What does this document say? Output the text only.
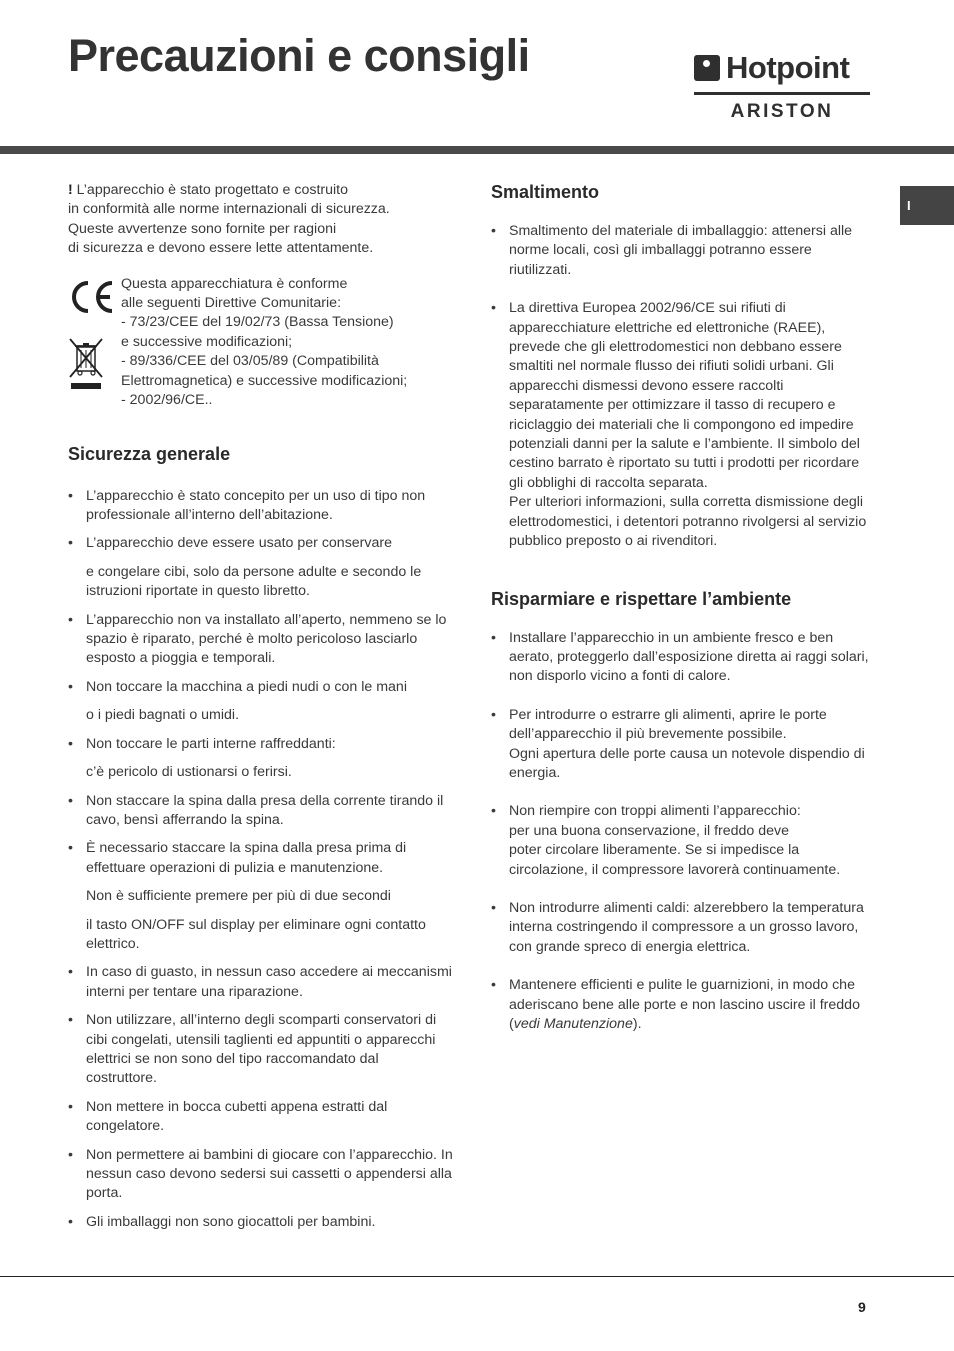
Precauzioni e consigli	Hotpoint
ARISTON
I

! L’apparecchio è stato progettato e costruito
in conformità alle norme internazionali di sicurezza.
Queste avvertenze sono fornite per ragioni
di sicurezza e devono essere lette attentamente.

Questa apparecchiatura è conforme
alle seguenti Direttive Comunitarie:
- 73/23/CEE del 19/02/73 (Bassa Tensione)
e successive modificazioni;
- 89/336/CEE del 03/05/89 (Compatibilità
Elettromagnetica) e successive modificazioni;
- 2002/96/CE..
Sicurezza generale
• L’apparecchio è stato concepito per un uso di tipo non professionale all’interno dell’abitazione.
• L’apparecchio deve essere usato per conservare

e congelare cibi, solo da persone adulte e secondo le istruzioni riportate in questo libretto.

• L’apparecchio non va installato all’aperto, nemmeno se lo spazio è riparato, perché è molto pericoloso lasciarlo esposto a pioggia e temporali.
• Non toccare la macchina a piedi nudi o con le mani

o i piedi bagnati o umidi.

• Non toccare le parti interne raffreddanti:

c’è pericolo di ustionarsi o ferirsi.

• Non staccare la spina dalla presa della corrente tirando il cavo, bensì afferrando la spina.
• È necessario staccare la spina dalla presa prima di effettuare operazioni di pulizia e manutenzione.

Non è sufficiente premere per più di due secondi

il tasto ON/OFF sul display per eliminare ogni contatto elettrico.

• In caso di guasto, in nessun caso accedere ai meccanismi interni per tentare una riparazione.
• Non utilizzare, all’interno degli scomparti conservatori di cibi congelati, utensili taglienti ed appuntiti o apparecchi elettrici se non sono del tipo raccomandato dal costruttore.
• Non mettere in bocca cubetti appena estratti dal congelatore.
• Non permettere ai bambini di giocare con l’apparecchio. In nessun caso devono sedersi sui cassetti o appendersi alla porta.
• Gli imballaggi non sono giocattoli per bambini.
Smaltimento
• Smaltimento del materiale di imballaggio: attenersi alle norme locali, così gli imballaggi potranno essere riutilizzati.
• La direttiva Europea 2002/96/CE sui rifiuti di apparecchiature elettriche ed elettroniche (RAEE), prevede che gli elettrodomestici non debbano essere smaltiti nel normale flusso dei rifiuti solidi urbani. Gli apparecchi dismessi devono essere raccolti separatamente per ottimizzare il tasso di recupero e riciclaggio dei materiali che li compongono ed impedire potenziali danni per la salute e l’ambiente. Il simbolo del cestino barrato è riportato su tutti i prodotti per ricordare gli obblighi di raccolta separata.
Per ulteriori informazioni, sulla corretta dismissione degli elettrodomestici, i detentori potranno rivolgersi al servizio pubblico preposto o ai rivenditori.
Risparmiare e rispettare l’ambiente
• Installare l’apparecchio in un ambiente fresco e ben aerato, proteggerlo dall’esposizione diretta ai raggi solari, non disporlo vicino a fonti di calore.
• Per introdurre o estrarre gli alimenti, aprire le porte dell’apparecchio il più brevemente possibile.
Ogni apertura delle porte causa un notevole dispendio di energia.
• Non riempire con troppi alimenti l’apparecchio:
per una buona conservazione, il freddo deve
poter circolare liberamente. Se si impedisce la
circolazione, il compressore lavorerà continuamente.
• Non introdurre alimenti caldi: alzerebbero la temperatura interna costringendo il compressore a un grosso lavoro, con grande spreco di energia elettrica.
• Mantenere efficienti e pulite le guarnizioni, in modo che aderiscano bene alle porte e non lascino uscire il freddo (vedi Manutenzione).
9
